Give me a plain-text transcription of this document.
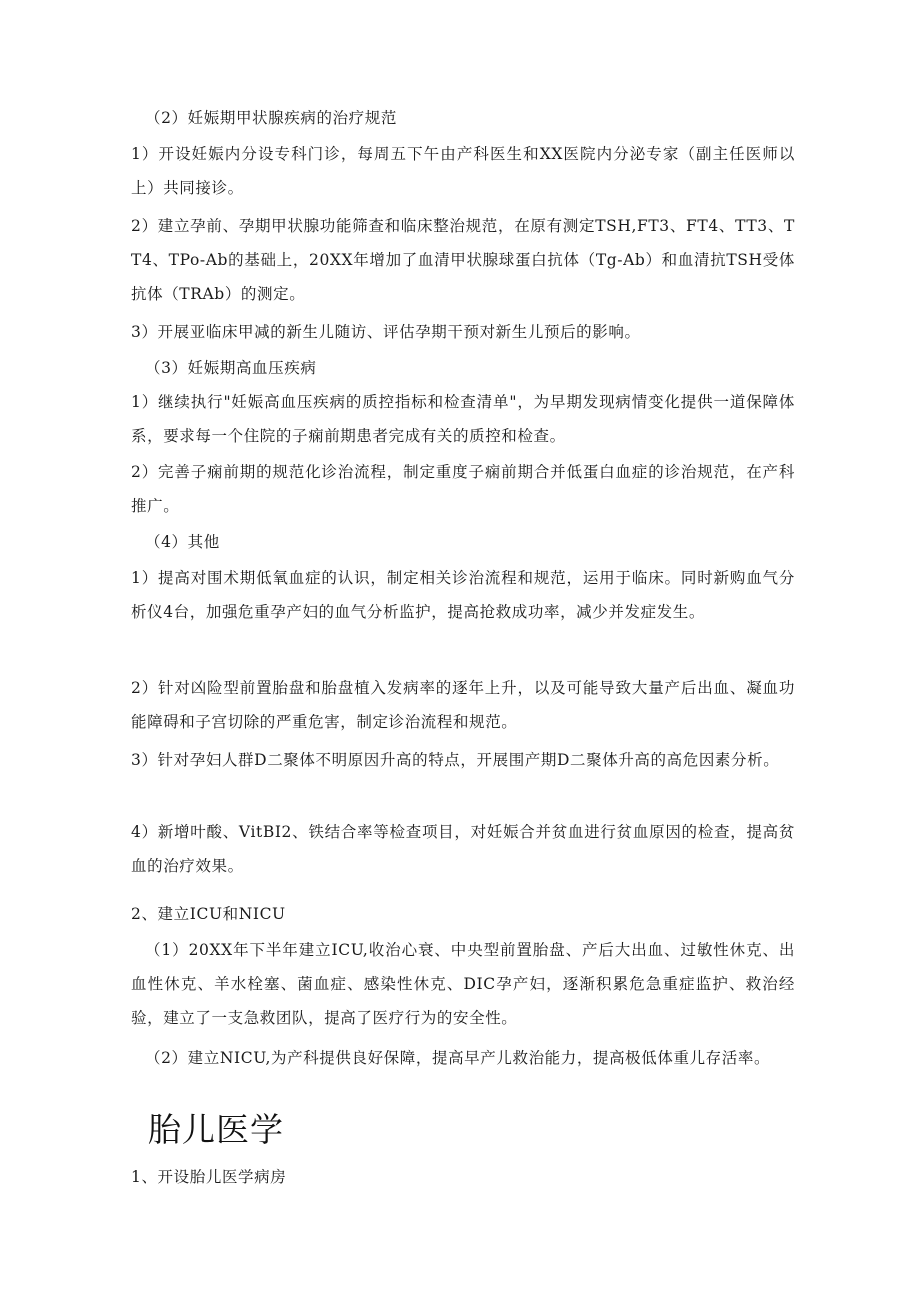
（2）妊娠期甲状腺疾病的治疗规范
1）开设妊娠内分设专科门诊，每周五下午由产科医生和XX医院内分泌专家（副主任医师以上）共同接诊。
2）建立孕前、孕期甲状腺功能筛查和临床整治规范，在原有测定TSH,FT3、FT4、TT3、TT4、TPo-Ab的基础上，20XX年增加了血清甲状腺球蛋白抗体（Tg-Ab）和血清抗TSH受体抗体（TRAb）的测定。
3）开展亚临床甲减的新生儿随访、评估孕期干预对新生儿预后的影响。
（3）妊娠期高血压疾病
1）继续执行"妊娠高血压疾病的质控指标和检查清单"，为早期发现病情变化提供一道保障体系，要求每一个住院的子痫前期患者完成有关的质控和检查。
2）完善子痫前期的规范化诊治流程，制定重度子痫前期合并低蛋白血症的诊治规范，在产科推广。
（4）其他
1）提高对围术期低氧血症的认识，制定相关诊治流程和规范，运用于临床。同时新购血气分析仪4台，加强危重孕产妇的血气分析监护，提高抢救成功率，减少并发症发生。
2）针对凶险型前置胎盘和胎盘植入发病率的逐年上升，以及可能导致大量产后出血、凝血功能障碍和子宫切除的严重危害，制定诊治流程和规范。
3）针对孕妇人群D二聚体不明原因升高的特点，开展围产期D二聚体升高的高危因素分析。
4）新增叶酸、VitBI2、铁结合率等检查项目，对妊娠合并贫血进行贫血原因的检查，提高贫血的治疗效果。
2、建立ICU和NICU
（1）20XX年下半年建立ICU,收治心衰、中央型前置胎盘、产后大出血、过敏性休克、出血性休克、羊水栓塞、菌血症、感染性休克、DIC孕产妇，逐渐积累危急重症监护、救治经验，建立了一支急救团队，提高了医疗行为的安全性。
（2）建立NICU,为产科提供良好保障，提高早产儿救治能力，提高极低体重儿存活率。
胎儿医学
1、开设胎儿医学病房
